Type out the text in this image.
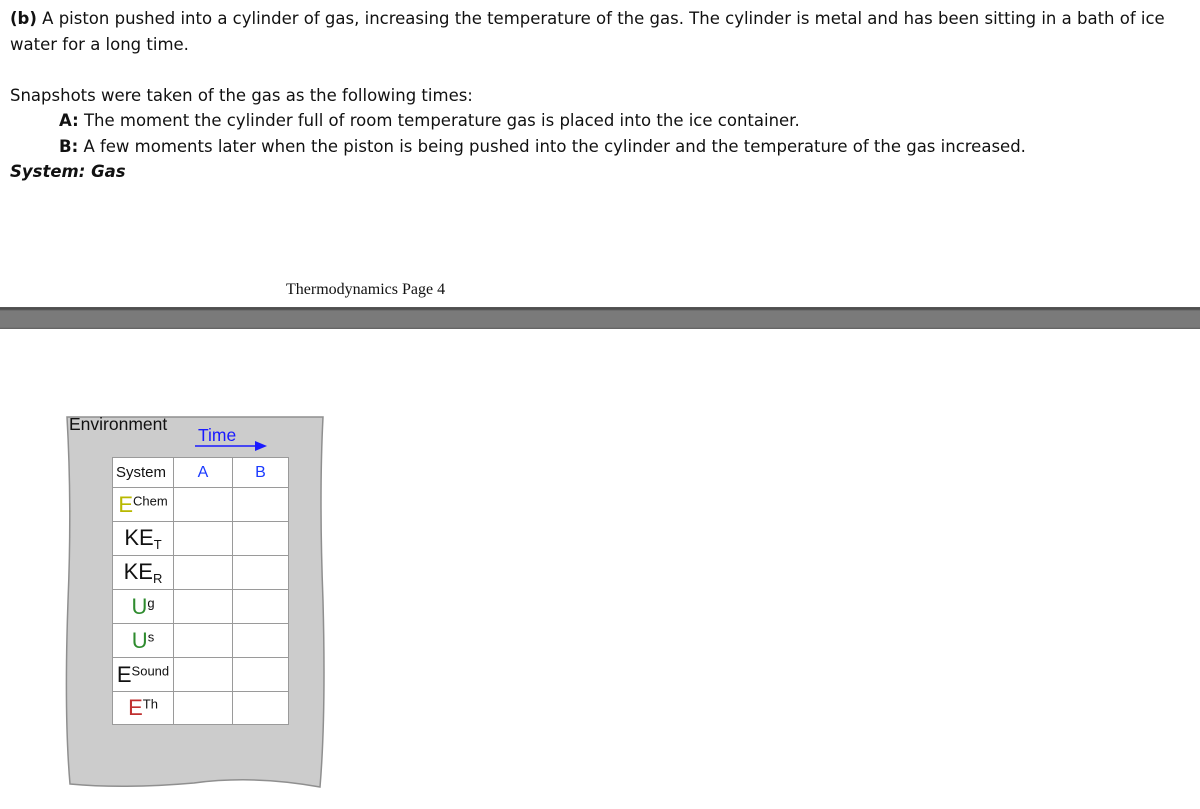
(b) A piston pushed into a cylinder of gas, increasing the temperature of the gas. The cylinder is metal and has been sitting in a bath of ice
water for a long time.
Snapshots were taken of the gas as the following times:
A: The moment the cylinder full of room temperature gas is placed into the ice container.
B: A few moments later when the piston is being pushed into the cylinder and the temperature of the gas increased.
System: Gas
Thermodynamics Page 4
Environment
Time
System	A	B
$E^{Chem}$		
$KE_T$		
$KE_R$		
$U^g$		
$U^s$		
$E^{Sound}$		
$E^{Th}$		
